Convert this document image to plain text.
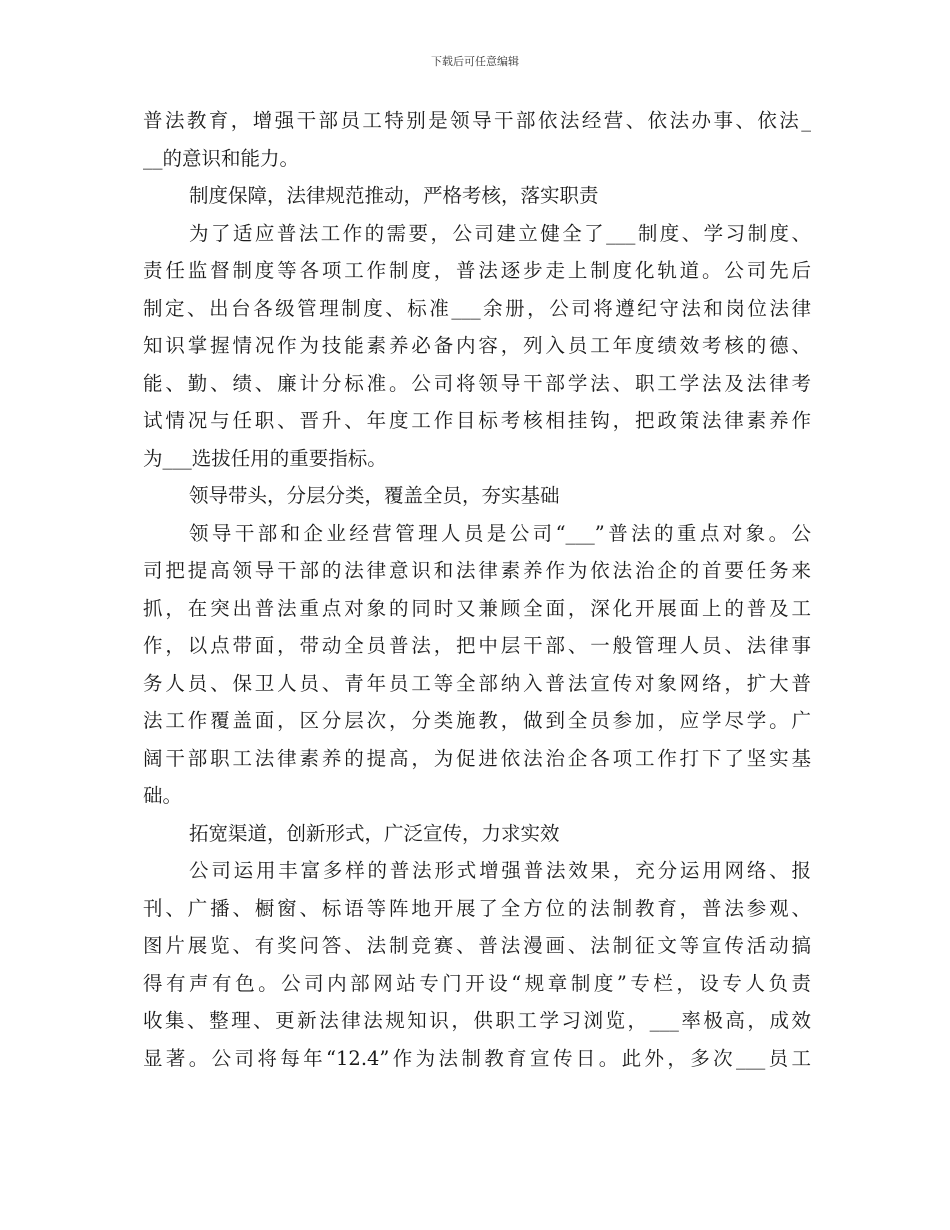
下载后可任意编辑
普法教育，增强干部员工特别是领导干部依法经营、依法办事、依法_
__的意识和能力。
制度保障，法律规范推动，严格考核，落实职责
为了适应普法工作的需要，公司建立健全了___制度、学习制度、
责任监督制度等各项工作制度，普法逐步走上制度化轨道。公司先后
制定、出台各级管理制度、标准___余册，公司将遵纪守法和岗位法律
知识掌握情况作为技能素养必备内容，列入员工年度绩效考核的德、
能、勤、绩、廉计分标准。公司将领导干部学法、职工学法及法律考
试情况与任职、晋升、年度工作目标考核相挂钩，把政策法律素养作
为___选拔任用的重要指标。
领导带头，分层分类，覆盖全员，夯实基础
领导干部和企业经营管理人员是公司“___”普法的重点对象。公
司把提高领导干部的法律意识和法律素养作为依法治企的首要任务来
抓，在突出普法重点对象的同时又兼顾全面，深化开展面上的普及工
作，以点带面，带动全员普法，把中层干部、一般管理人员、法律事
务人员、保卫人员、青年员工等全部纳入普法宣传对象网络，扩大普
法工作覆盖面，区分层次，分类施教，做到全员参加，应学尽学。广
阔干部职工法律素养的提高，为促进依法治企各项工作打下了坚实基
础。
拓宽渠道，创新形式，广泛宣传，力求实效
公司运用丰富多样的普法形式增强普法效果，充分运用网络、报
刊、广播、橱窗、标语等阵地开展了全方位的法制教育，普法参观、
图片展览、有奖问答、法制竞赛、普法漫画、法制征文等宣传活动搞
得有声有色。公司内部网站专门开设“规章制度”专栏，设专人负责
收集、整理、更新法律法规知识，供职工学习浏览，___率极高，成效
显著。公司将每年“12.4”作为法制教育宣传日。此外，多次___员工
